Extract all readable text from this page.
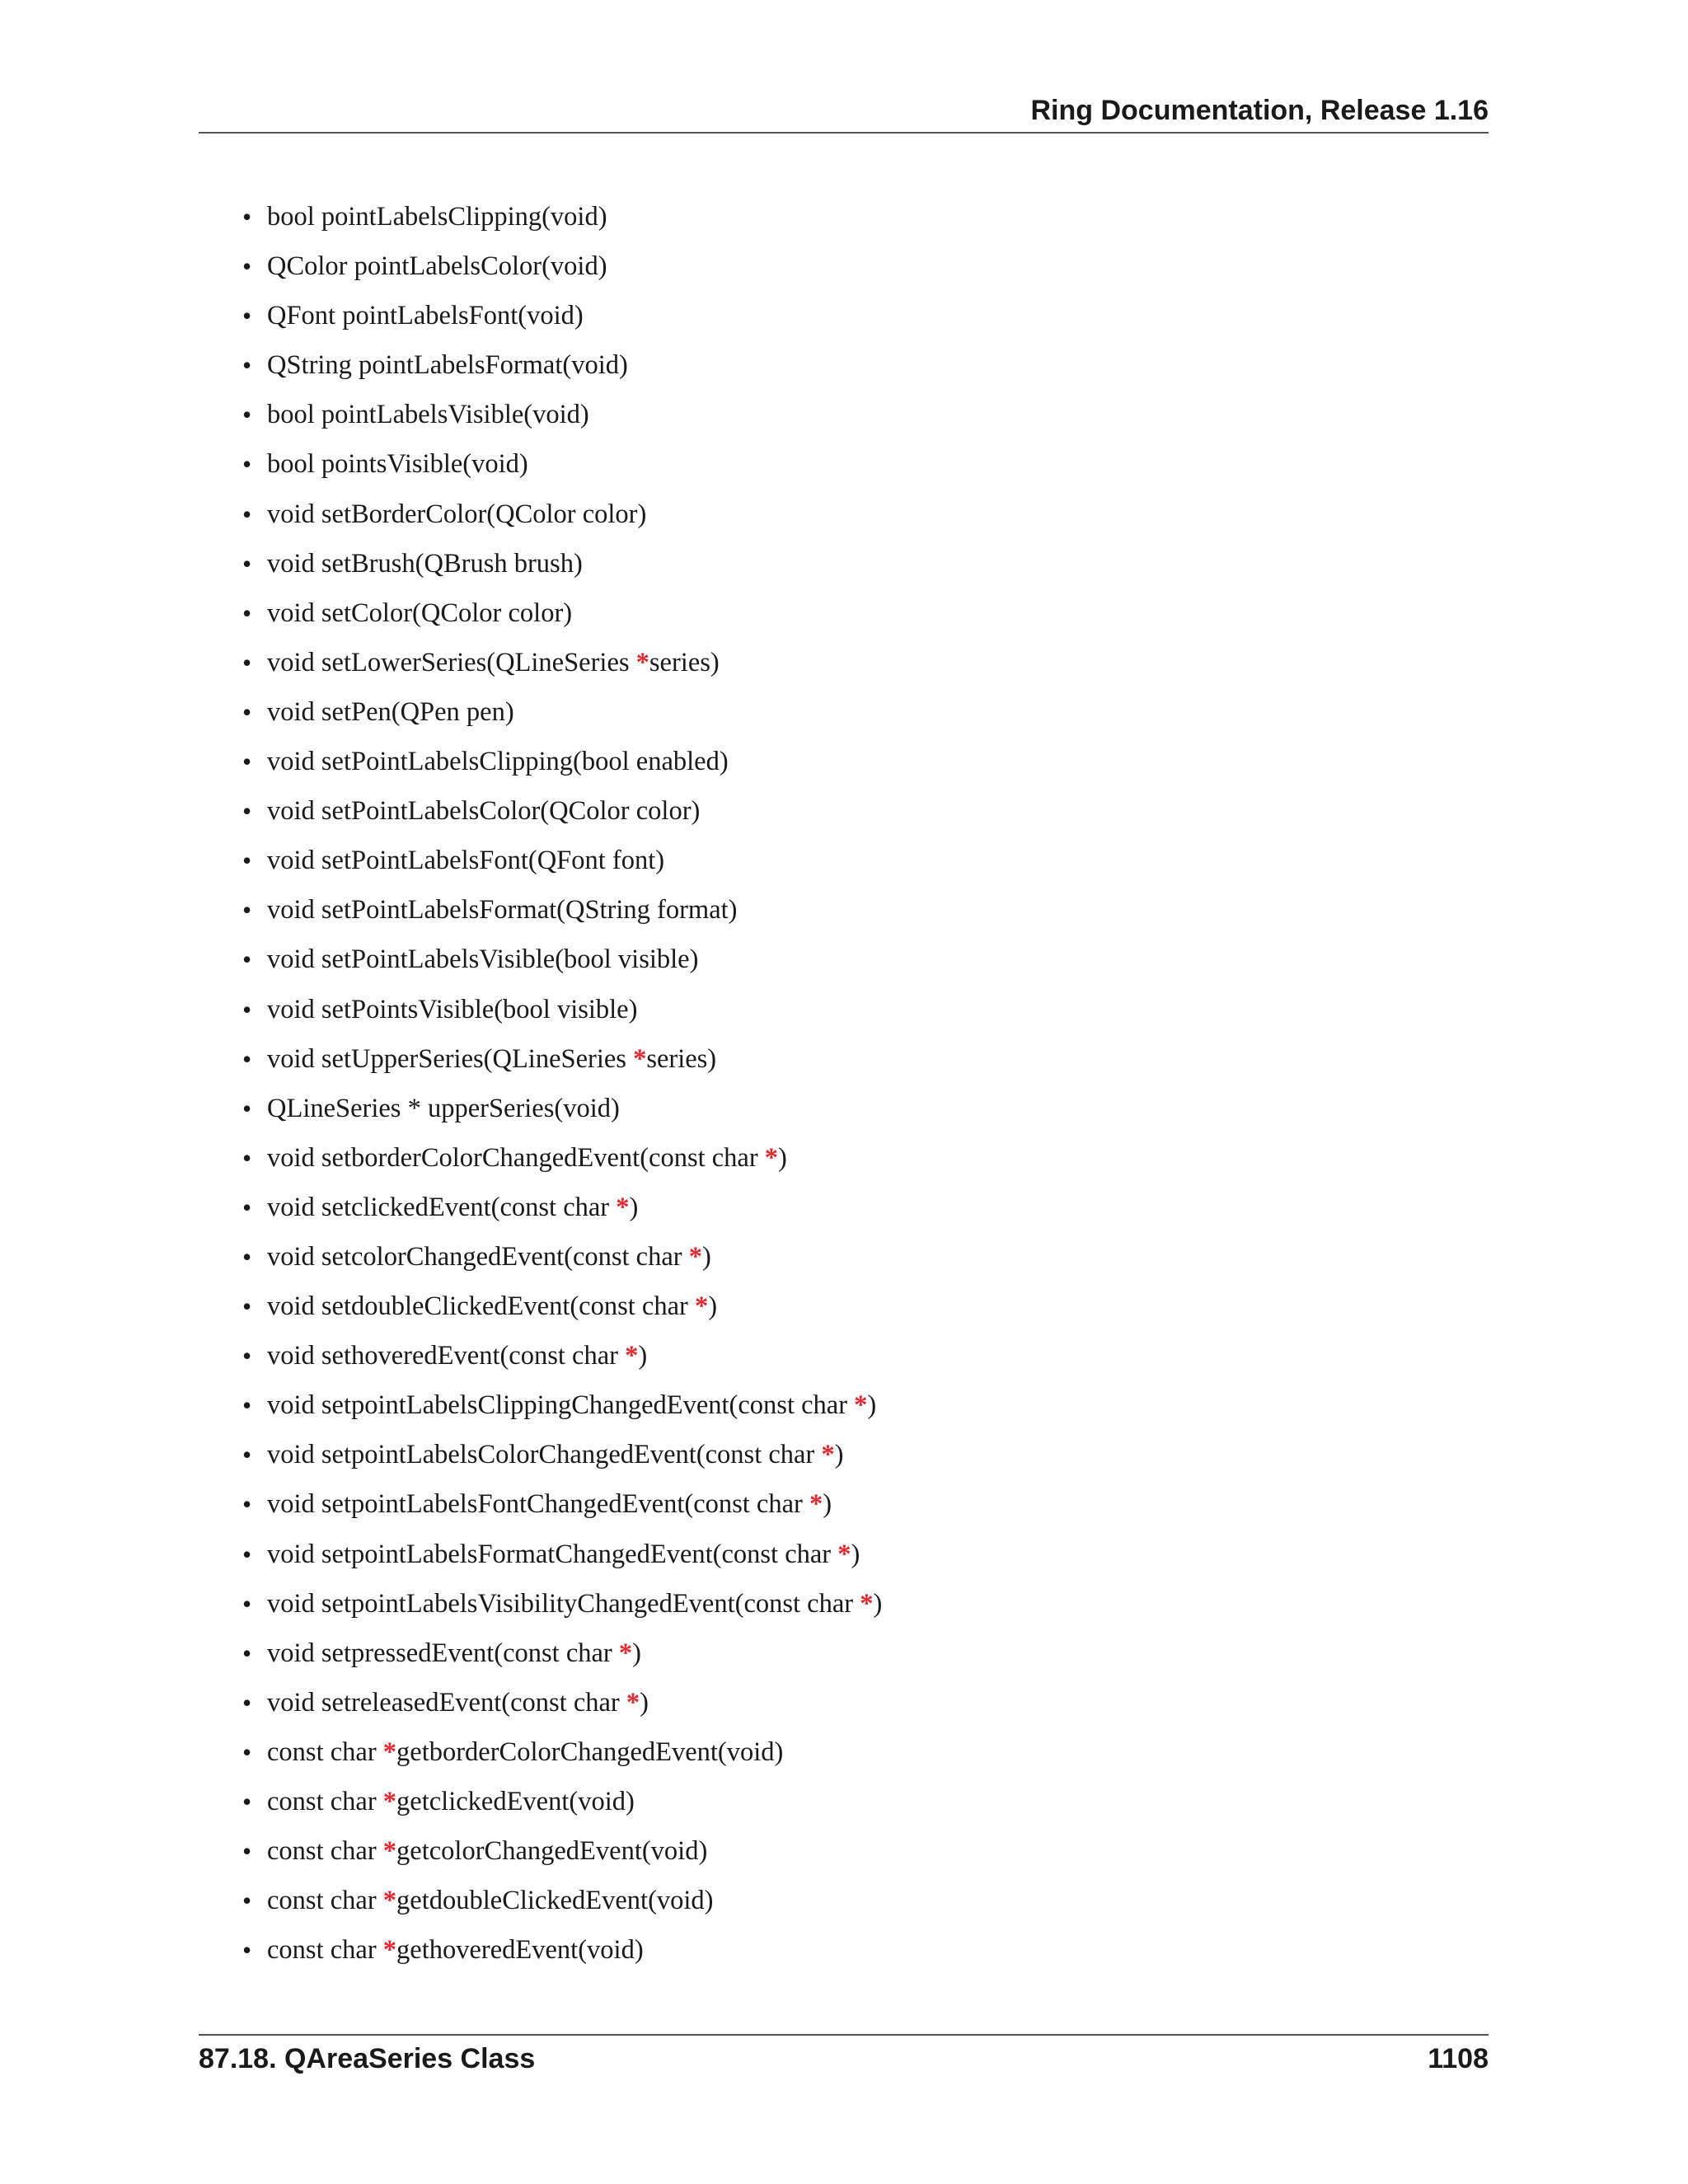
Ring Documentation, Release 1.16
• bool pointLabelsClipping(void)
• QColor pointLabelsColor(void)
• QFont pointLabelsFont(void)
• QString pointLabelsFormat(void)
• bool pointLabelsVisible(void)
• bool pointsVisible(void)
• void setBorderColor(QColor color)
• void setBrush(QBrush brush)
• void setColor(QColor color)
• void setLowerSeries(QLineSeries *series)
• void setPen(QPen pen)
• void setPointLabelsClipping(bool enabled)
• void setPointLabelsColor(QColor color)
• void setPointLabelsFont(QFont font)
• void setPointLabelsFormat(QString format)
• void setPointLabelsVisible(bool visible)
• void setPointsVisible(bool visible)
• void setUpperSeries(QLineSeries *series)
• QLineSeries * upperSeries(void)
• void setborderColorChangedEvent(const char *)
• void setclickedEvent(const char *)
• void setcolorChangedEvent(const char *)
• void setdoubleClickedEvent(const char *)
• void sethoveredEvent(const char *)
• void setpointLabelsClippingChangedEvent(const char *)
• void setpointLabelsColorChangedEvent(const char *)
• void setpointLabelsFontChangedEvent(const char *)
• void setpointLabelsFormatChangedEvent(const char *)
• void setpointLabelsVisibilityChangedEvent(const char *)
• void setpressedEvent(const char *)
• void setreleasedEvent(const char *)
• const char *getborderColorChangedEvent(void)
• const char *getclickedEvent(void)
• const char *getcolorChangedEvent(void)
• const char *getdoubleClickedEvent(void)
• const char *gethoveredEvent(void)
87.18. QAreaSeries Class	1108
